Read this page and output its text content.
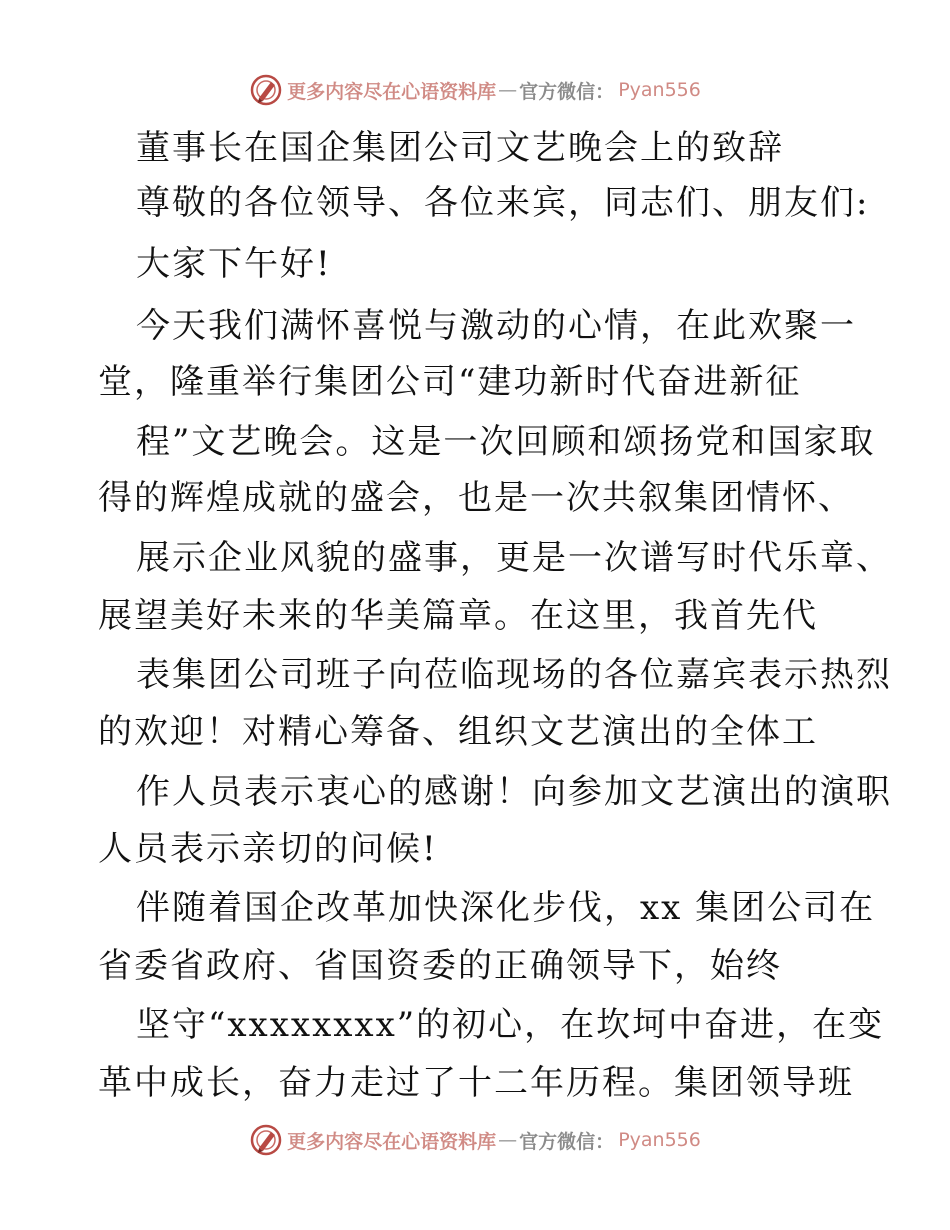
更多内容尽在心语资料库 — 官方微信： Pyan556
董事长在国企集团公司文艺晚会上的致辞
尊敬的各位领导、各位来宾，同志们、朋友们:
大家下午好!
今天我们满怀喜悦与激动的心情，在此欢聚一
堂，隆重举行集团公司“建功新时代奋进新征
程”文艺晚会。这是一次回顾和颂扬党和国家取
得的辉煌成就的盛会，也是一次共叙集团情怀、
展示企业风貌的盛事，更是一次谱写时代乐章、
展望美好未来的华美篇章。在这里，我首先代
表集团公司班子向莅临现场的各位嘉宾表示热烈
的欢迎！对精心筹备、组织文艺演出的全体工
作人员表示衷心的感谢！向参加文艺演出的演职
人员表示亲切的问候!
伴随着国企改革加快深化步伐，xx 集团公司在
省委省政府、省国资委的正确领导下，始终
坚守“xxxxxxxx”的初心，在坎坷中奋进，在变
革中成长，奋力走过了十二年历程。集团领导班
更多内容尽在心语资料库 — 官方微信： Pyan556
